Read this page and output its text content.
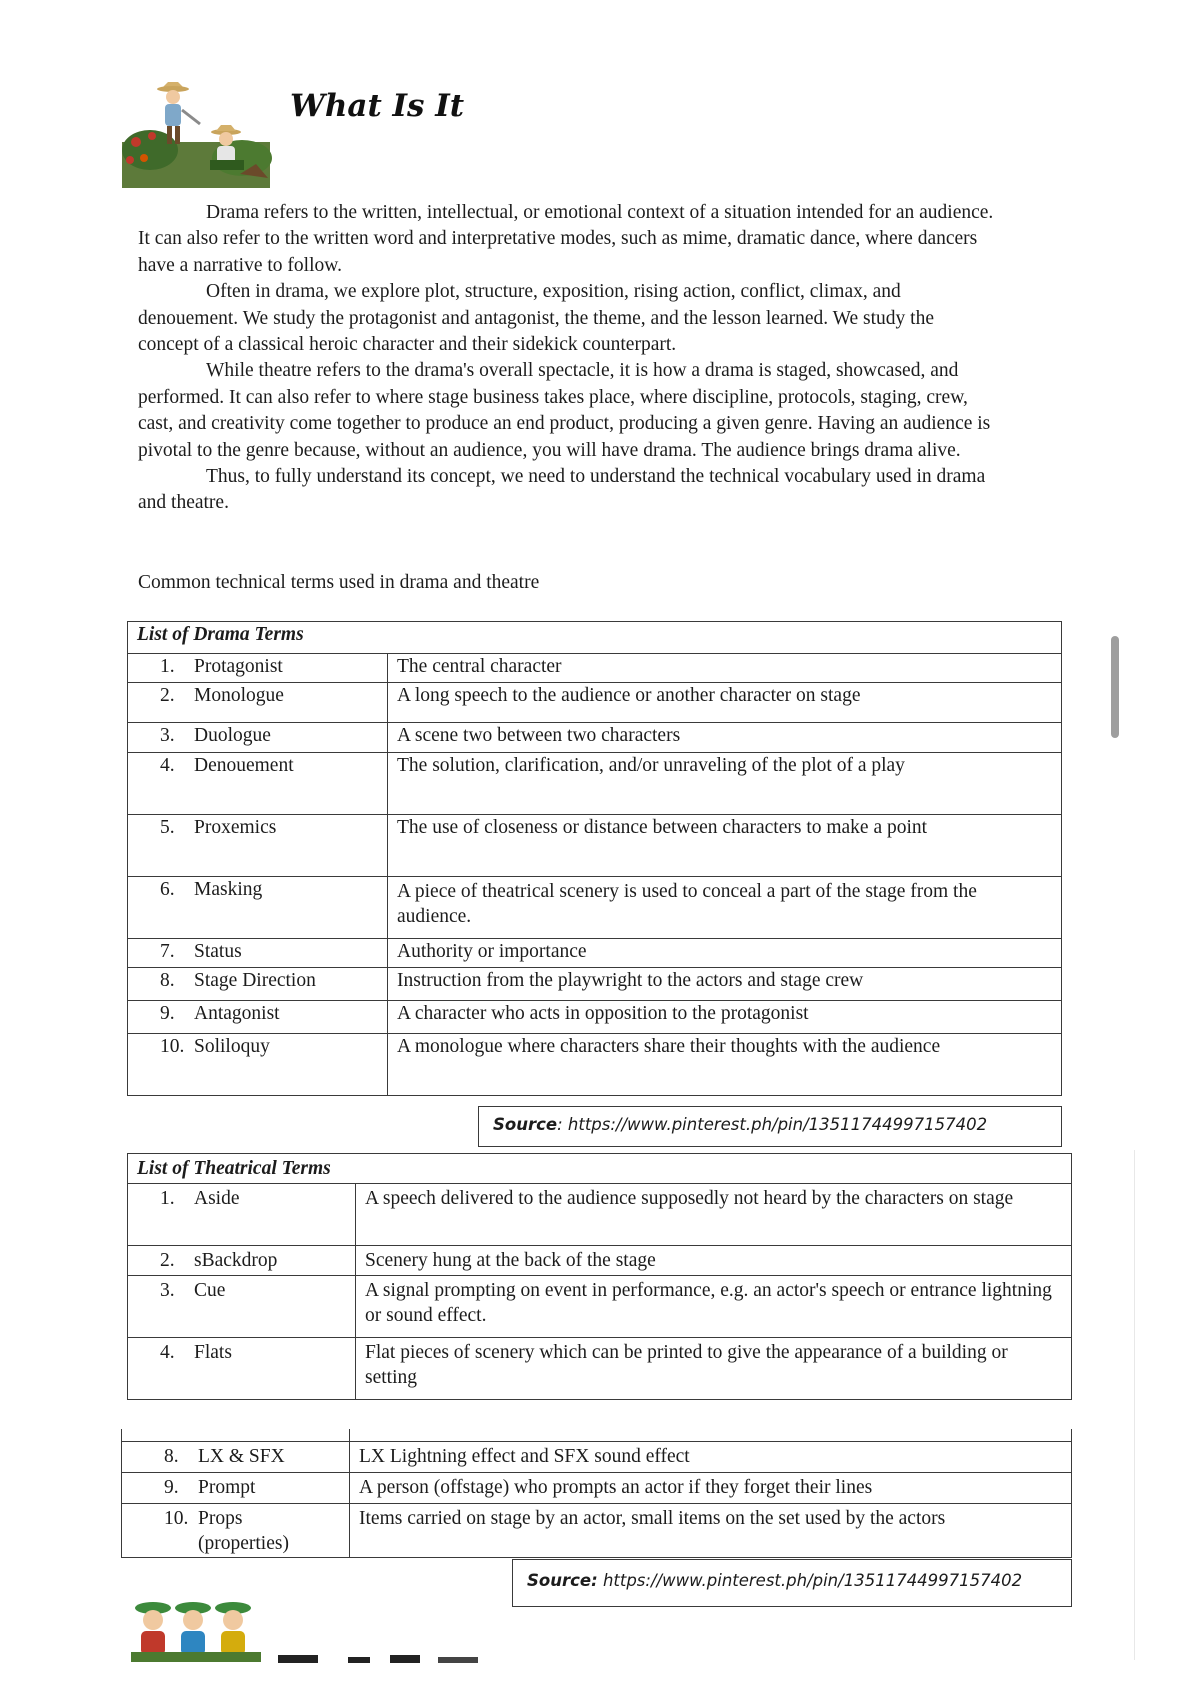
What Is It

Drama refers to the written, intellectual, or emotional context of a situation intended for an audience. It can also refer to the written word and interpretative modes, such as mime, dramatic dance, where dancers have a narrative to follow.

Often in drama, we explore plot, structure, exposition, rising action, conflict, climax, and denouement. We study the protagonist and antagonist, the theme, and the lesson learned. We study the concept of a classical heroic character and their sidekick counterpart.

While theatre refers to the drama's overall spectacle, it is how a drama is staged, showcased, and performed. It can also refer to where stage business takes place, where discipline, protocols, staging, crew, cast, and creativity come together to produce an end product, producing a given genre. Having an audience is pivotal to the genre because, without an audience, you will have drama. The audience brings drama alive.

Thus, to fully understand its concept, we need to understand the technical vocabulary used in drama and theatre.

Common technical terms used in drama and theatre

List of Drama Terms	
1. Protagonist	The central character
2. Monologue	A long speech to the audience or another character on stage
3. Duologue	A scene two between two characters
4. Denouement	The solution, clarification, and/or unraveling of the plot of a play
5. Proxemics	The use of closeness or distance between characters to make a point
6. Masking	A piece of theatrical scenery is used to conceal a part of the stage from the audience.
7. Status	Authority or importance
8. Stage Direction	Instruction from the playwright to the actors and stage crew
9. Antagonist	A character who acts in opposition to the protagonist
10. Soliloquy	A monologue where characters share their thoughts with the audience
Source: https://www.pinterest.ph/pin/13511744997157402
List of Theatrical Terms	
1. Aside	A speech delivered to the audience supposedly not heard by the characters on stage
2. sBackdrop	Scenery hung at the back of the stage
3. Cue	A signal prompting on event in performance, e.g. an actor's speech or entrance lightning or sound effect.
4. Flats	Flat pieces of scenery which can be printed to give the appearance of a building or setting

8. LX & SFX	LX Lightning effect and SFX sound effect
9. Prompt	A person (offstage) who prompts an actor if they forget their lines
10. Props
(properties)	Items carried on stage by an actor, small items on the set used by the actors
Source: https://www.pinterest.ph/pin/13511744997157402
